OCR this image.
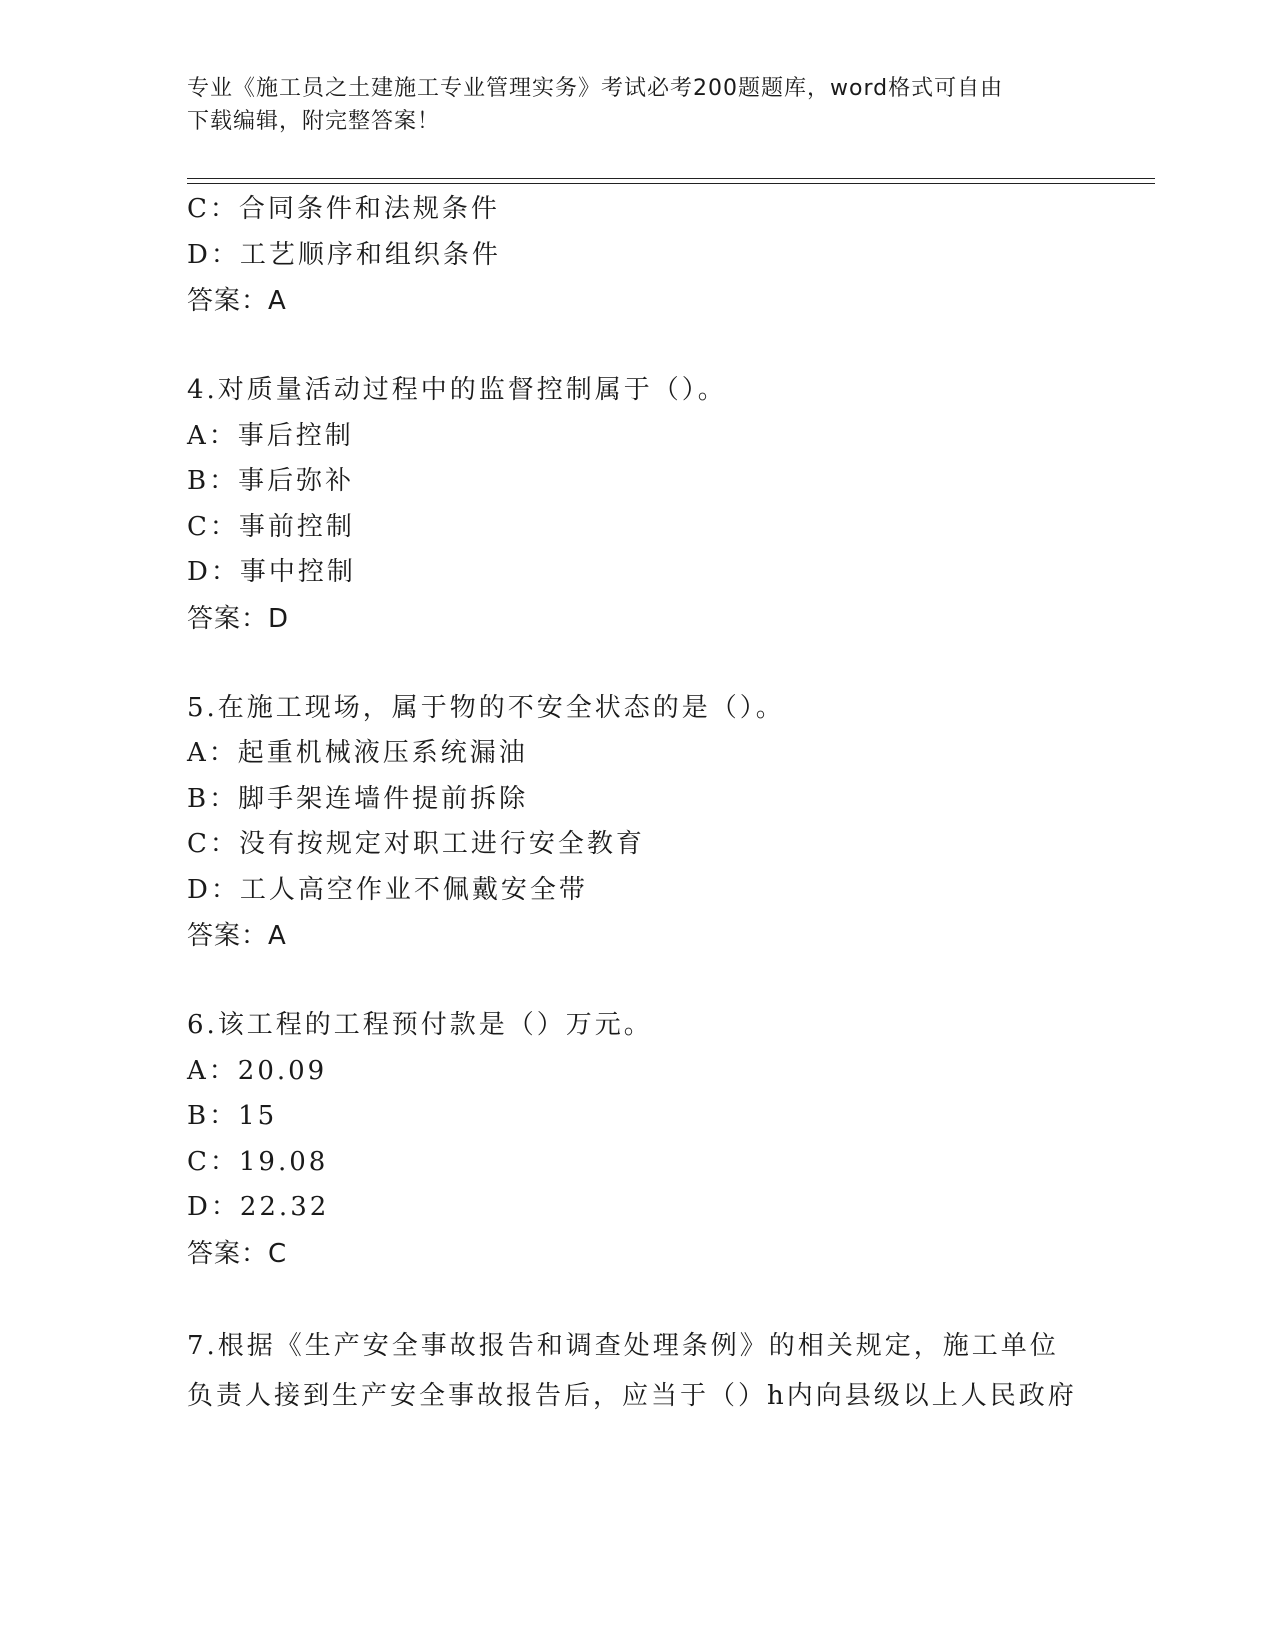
专业《施工员之土建施工专业管理实务》考试必考200题题库，word格式可自由
下载编辑，附完整答案！
C：合同条件和法规条件
D：工艺顺序和组织条件
答案：A
4.对质量活动过程中的监督控制属于（）。
A：事后控制
B：事后弥补
C：事前控制
D：事中控制
答案：D
5.在施工现场，属于物的不安全状态的是（）。
A：起重机械液压系统漏油
B：脚手架连墙件提前拆除
C：没有按规定对职工进行安全教育
D：工人高空作业不佩戴安全带
答案：A
6.该工程的工程预付款是（）万元。
A：20.09
B：15
C：19.08
D：22.32
答案：C
7.根据《生产安全事故报告和调查处理条例》的相关规定，施工单位
负责人接到生产安全事故报告后，应当于（）h内向县级以上人民政府
